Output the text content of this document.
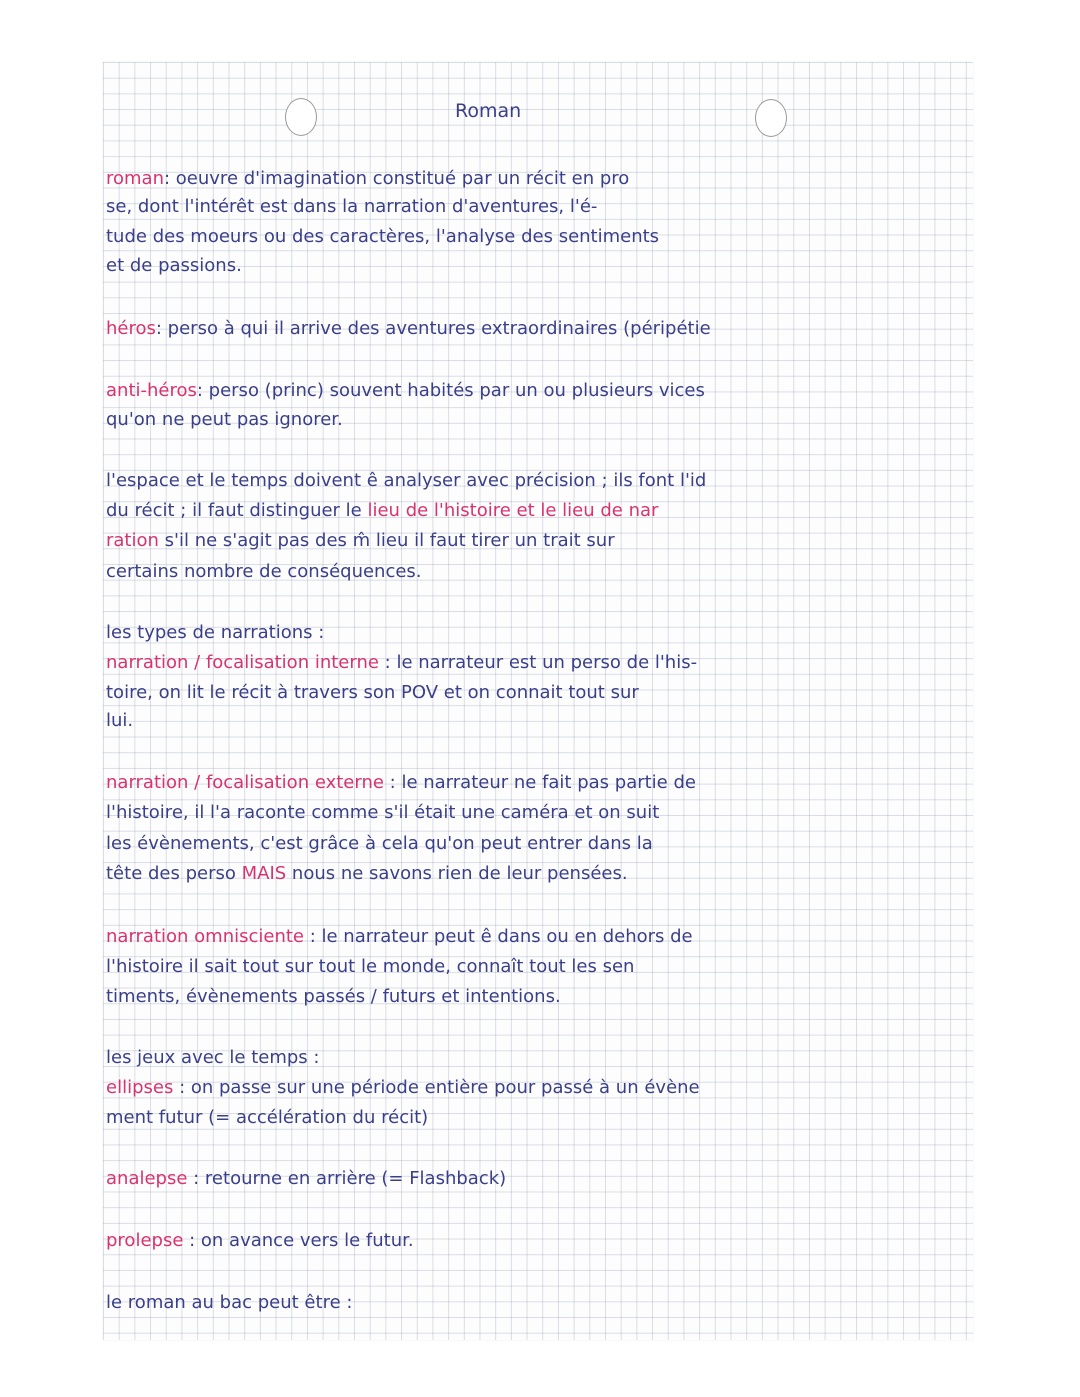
Roman
roman: oeuvre d'imagination constitué par un récit en pro
se, dont l'intérêt est dans la narration d'aventures, l'é-
tude des moeurs ou des caractères, l'analyse des sentiments
et de passions.
héros: perso à qui il arrive des aventures extraordinaires (péripétie
anti-héros: perso (princ) souvent habités par un ou plusieurs vices
qu'on ne peut pas ignorer.
l'espace et le temps doivent ê analyser avec précision ; ils font l'id
du récit ; il faut distinguer le lieu de l'histoire et le lieu de nar
ration s'il ne s'agit pas des m̂ lieu il faut tirer un trait sur
certains nombre de conséquences.
les types de narrations :
narration / focalisation interne : le narrateur est un perso de l'his-
toire, on lit le récit à travers son POV et on connait tout sur
lui.
narration / focalisation externe : le narrateur ne fait pas partie de
l'histoire, il l'a raconte comme s'il était une caméra et on suit
les évènements, c'est grâce à cela qu'on peut entrer dans la
tête des perso MAIS nous ne savons rien de leur pensées.
narration omnisciente : le narrateur peut ê dans ou en dehors de
l'histoire il sait tout sur tout le monde, connaît tout les sen
timents, évènements passés / futurs et intentions.
les jeux avec le temps :
ellipses : on passe sur une période entière pour passé à un évène
ment futur (= accélération du récit)
analepse : retourne en arrière (= Flashback)
prolepse : on avance vers le futur.
le roman au bac peut être :
